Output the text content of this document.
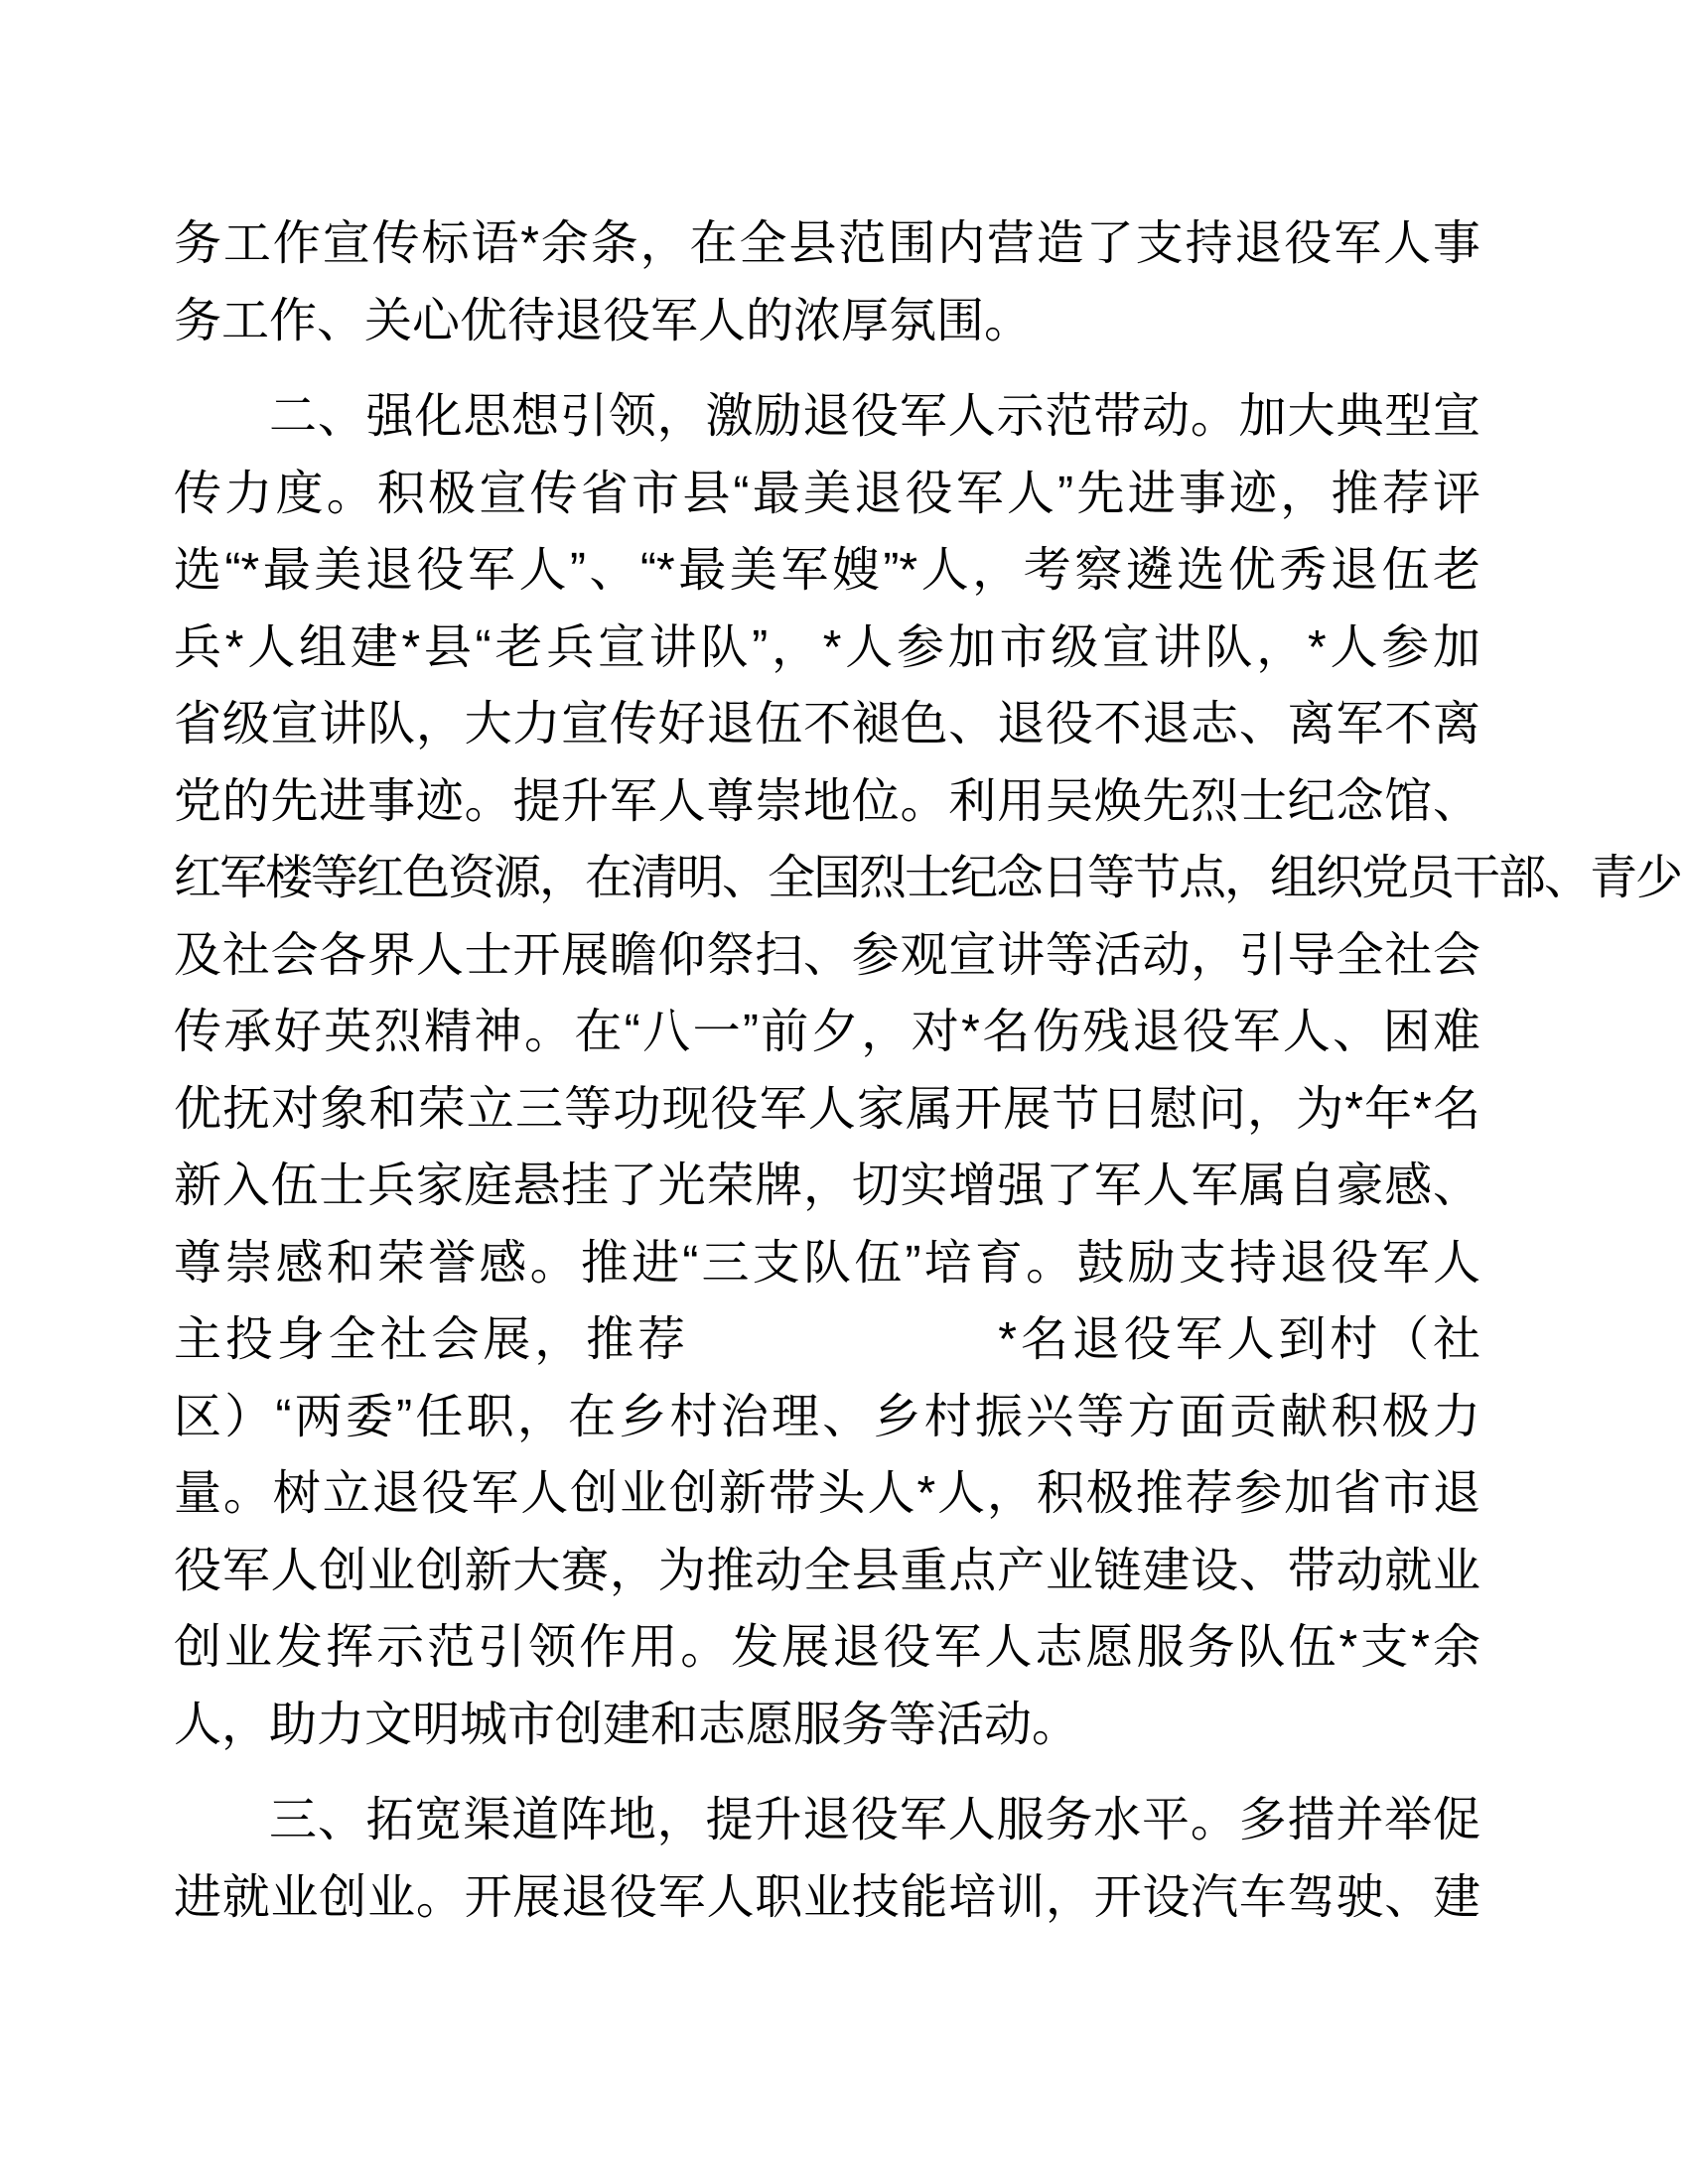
务工作宣传标语*余条，在全县范围内营造了支持退役军人事
务工作、关心优待退役军人的浓厚氛围。
二、强化思想引领，激励退役军人示范带动。加大典型宣
传力度。积极宣传省市县“最美退役军人”先进事迹，推荐评
选“*最美退役军人”、“*最美军嫂”*人，考察遴选优秀退伍老
兵*人组建*县“老兵宣讲队”，*人参加市级宣讲队，*人参加
省级宣讲队，大力宣传好退伍不褪色、退役不退志、离军不离
党的先进事迹。提升军人尊崇地位。利用吴焕先烈士纪念馆、
红军楼等红色资源，在清明、全国烈士纪念日等节点，组织党员干部、青少
及社会各界人士开展瞻仰祭扫、参观宣讲等活动，引导全社会
传承好英烈精神。在“八一”前夕，对*名伤残退役军人、困难
优抚对象和荣立三等功现役军人家属开展节日慰问，为*年*名
新入伍士兵家庭悬挂了光荣牌，切实增强了军人军属自豪感、
尊崇感和荣誉感。推进“三支队伍”培育。鼓励支持退役军人
主投身全社会展，推荐　　　　　　*名退役军人到村（社
区）“两委”任职，在乡村治理、乡村振兴等方面贡献积极力
量。树立退役军人创业创新带头人*人，积极推荐参加省市退
役军人创业创新大赛，为推动全县重点产业链建设、带动就业
创业发挥示范引领作用。发展退役军人志愿服务队伍*支*余
人，助力文明城市创建和志愿服务等活动。
三、拓宽渠道阵地，提升退役军人服务水平。多措并举促
进就业创业。开展退役军人职业技能培训，开设汽车驾驶、建
